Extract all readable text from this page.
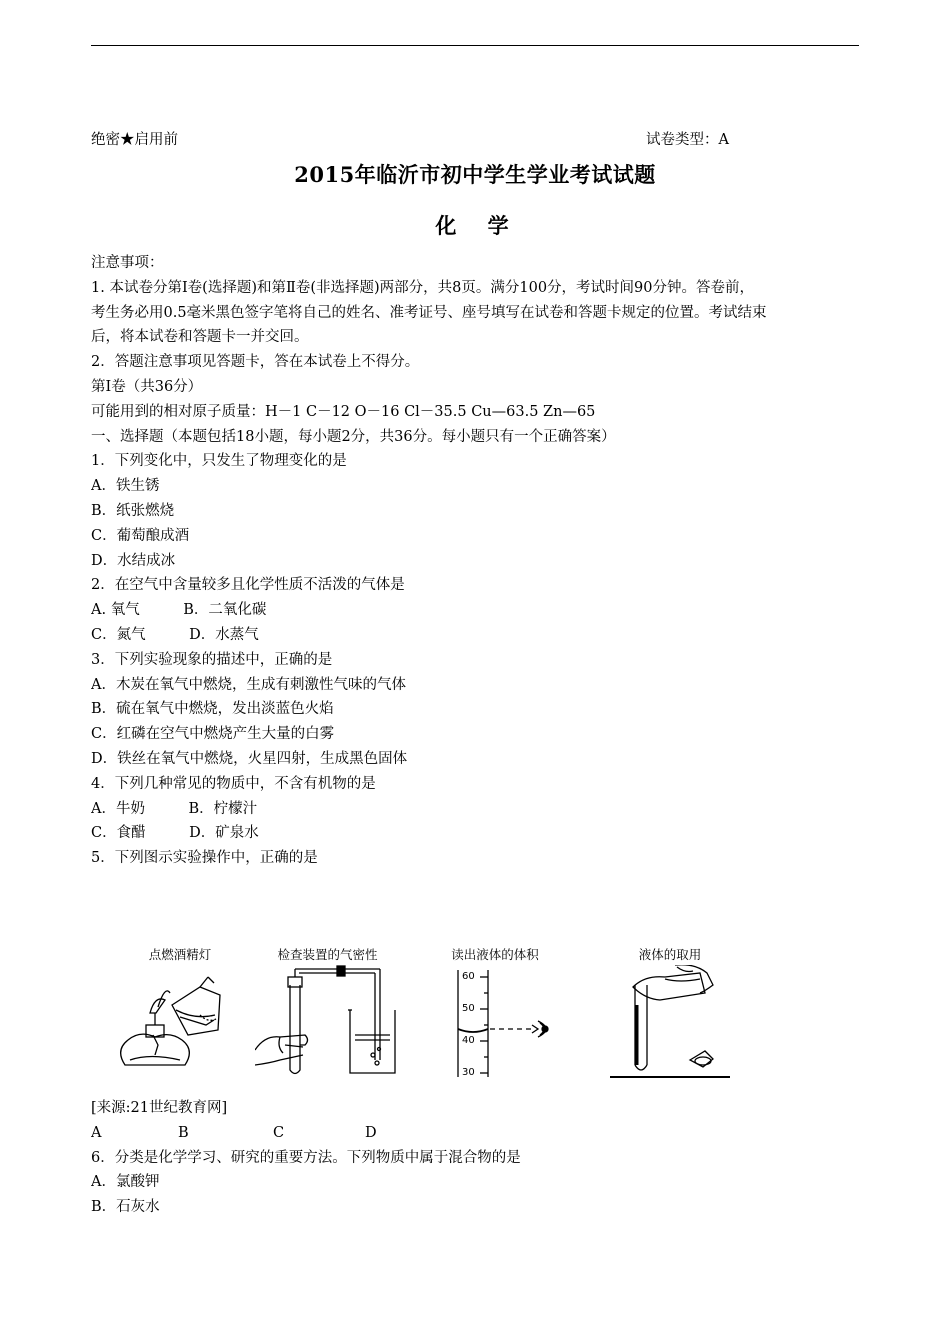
绝密★启用前	试卷类型：A
2015年临沂市初中学生学业考试试题
化 学
注意事项：
1. 本试卷分第Ⅰ卷(选择题)和第Ⅱ卷(非选择题)两部分，共8页。满分100分，考试时间90分钟。答卷前，
考生务必用0.5毫米黑色签字笔将自己的姓名、准考证号、座号填写在试卷和答题卡规定的位置。考试结束
后，将本试卷和答题卡一并交回。
2．答题注意事项见答题卡，答在本试卷上不得分。
第Ⅰ卷（共36分）
可能用到的相对原子质量：H－1 C－12 O－16 Cl－35.5 Cu—63.5 Zn—65
一、选择题（本题包括18小题，每小题2分，共36分。每小题只有一个正确答案）
1．下列变化中，只发生了物理变化的是
A．铁生锈
B．纸张燃烧
C．葡萄酿成酒
D．水结成冰
2．在空气中含量较多且化学性质不活泼的气体是
A. 氧气　　　B．二氧化碳
C．氮气　　　D．水蒸气
3．下列实验现象的描述中，正确的是
A．木炭在氧气中燃烧，生成有刺激性气味的气体
B．硫在氧气中燃烧，发出淡蓝色火焰
C．红磷在空气中燃烧产生大量的白雾
D．铁丝在氧气中燃烧，火星四射，生成黑色固体
4．下列几种常见的物质中，不含有机物的是
A．牛奶　　　B．柠檬汁
C．食醋　　　D．矿泉水
5．下列图示实验操作中，正确的是
点燃酒精灯	检查装置的气密性	读出液体的体积
60
50
40
30
液体的取用
[来源:21世纪教育网]
A	B	C	D
6．分类是化学学习、研究的重要方法。下列物质中属于混合物的是
A．氯酸钾
B．石灰水
